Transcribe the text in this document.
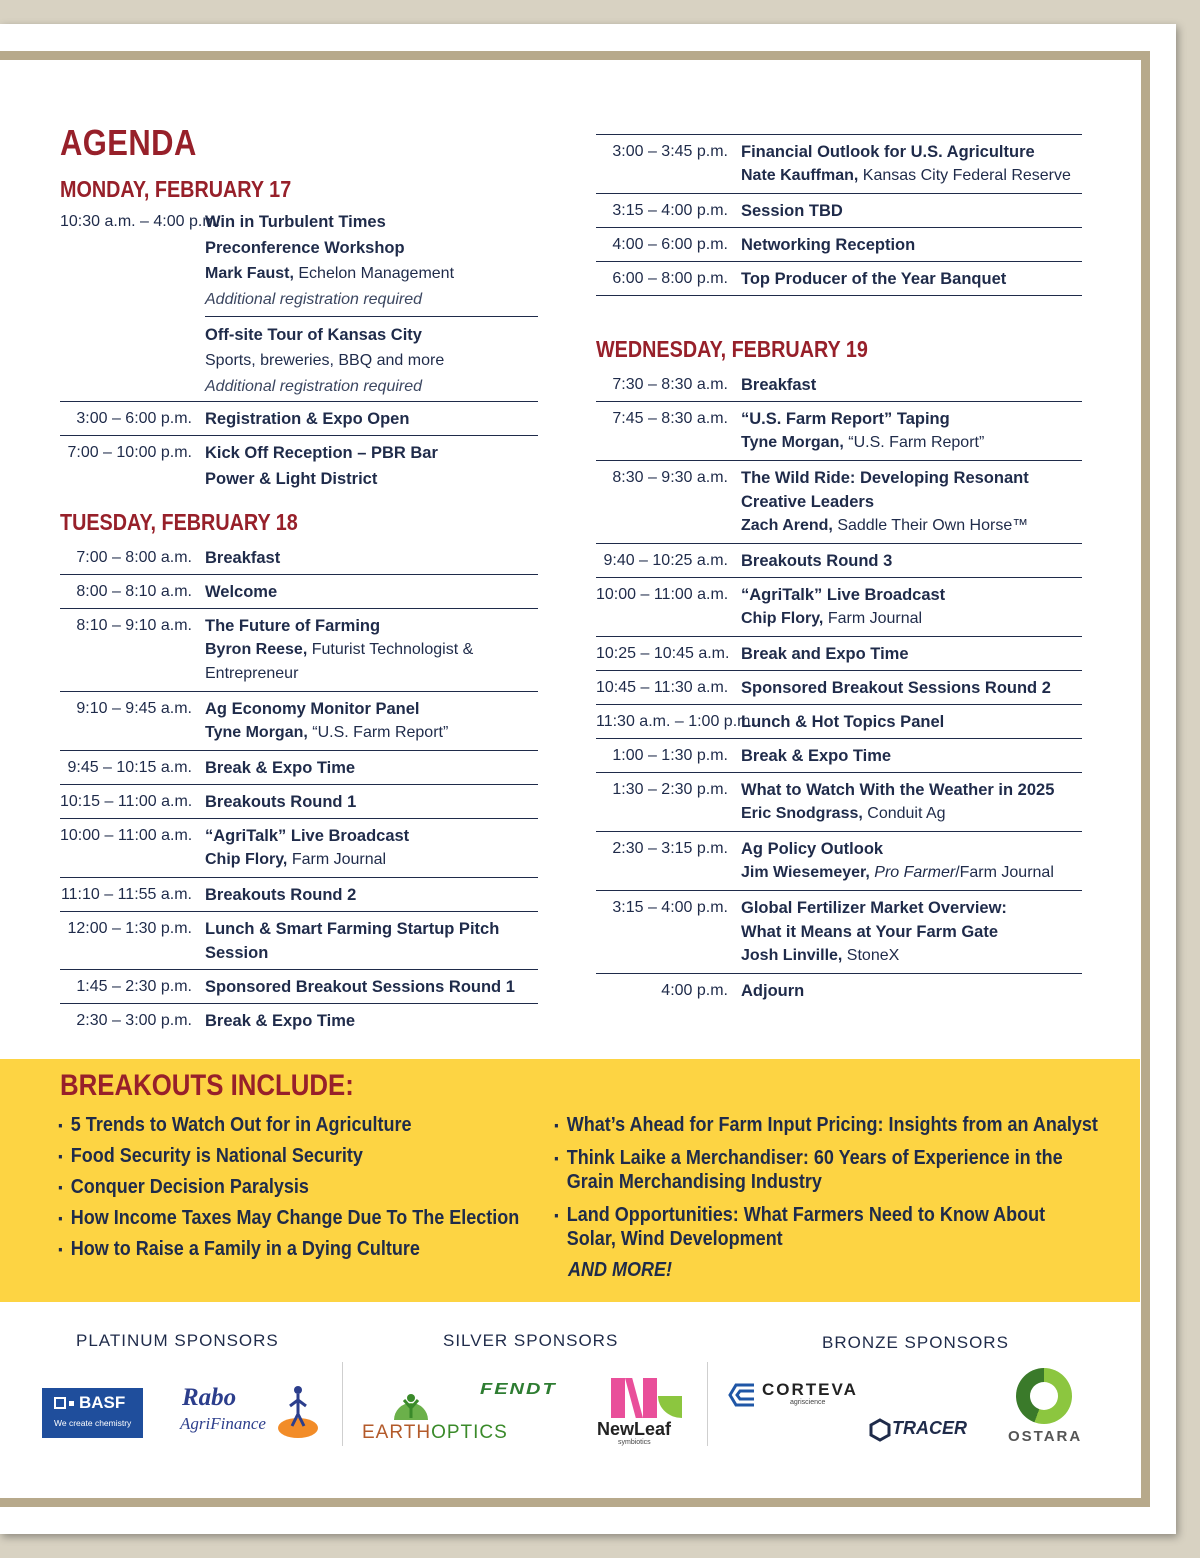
AGENDA
MONDAY, FEBRUARY 17
10:30 a.m. – 4:00 p.m.
Win in Turbulent Times
Preconference Workshop
Mark Faust, Echelon Management
Additional registration required
Off-site Tour of Kansas City
Sports, breweries, BBQ and more
Additional registration required
3:00 – 6:00 p.m. Registration & Expo Open
7:00 – 10:00 p.m. Kick Off Reception – PBR Bar
Power & Light District
TUESDAY, FEBRUARY 18
7:00 – 8:00 a.m. Breakfast
8:00 – 8:10 a.m. Welcome
8:10 – 9:10 a.m. The Future of Farming
Byron Reese, Futurist Technologist & Entrepreneur
9:10 – 9:45 a.m. Ag Economy Monitor Panel
Tyne Morgan, “U.S. Farm Report”
9:45 – 10:15 a.m. Break & Expo Time
10:15 – 11:00 a.m. Breakouts Round 1
10:00 – 11:00 a.m. “AgriTalk” Live Broadcast
Chip Flory, Farm Journal
11:10 – 11:55 a.m. Breakouts Round 2
12:00 – 1:30 p.m. Lunch & Smart Farming Startup Pitch Session
1:45 – 2:30 p.m. Sponsored Breakout Sessions Round 1
2:30 – 3:00 p.m. Break & Expo Time
3:00 – 3:45 p.m. Financial Outlook for U.S. Agriculture
Nate Kauffman, Kansas City Federal Reserve
3:15 – 4:00 p.m. Session TBD
4:00 – 6:00 p.m. Networking Reception
6:00 – 8:00 p.m. Top Producer of the Year Banquet
WEDNESDAY, FEBRUARY 19
7:30 – 8:30 a.m. Breakfast
7:45 – 8:30 a.m. “U.S. Farm Report” Taping
Tyne Morgan, “U.S. Farm Report”
8:30 – 9:30 a.m. The Wild Ride: Developing Resonant
Creative Leaders
Zach Arend, Saddle Their Own Horse™
9:40 – 10:25 a.m. Breakouts Round 3
10:00 – 11:00 a.m. “AgriTalk” Live Broadcast
Chip Flory, Farm Journal
10:25 – 10:45 a.m. Break and Expo Time
10:45 – 11:30 a.m. Sponsored Breakout Sessions Round 2
11:30 a.m. – 1:00 p.m.
Lunch & Hot Topics Panel
1:00 – 1:30 p.m. Break & Expo Time
1:30 – 2:30 p.m. What to Watch With the Weather in 2025
Eric Snodgrass, Conduit Ag
2:30 – 3:15 p.m. Ag Policy Outlook
Jim Wiesemeyer, Pro Farmer/Farm Journal
3:15 – 4:00 p.m. Global Fertilizer Market Overview:
What it Means at Your Farm Gate
Josh Linville, StoneX
4:00 p.m. Adjourn
BREAKOUTS INCLUDE:
▪ 5 Trends to Watch Out for in Agriculture
▪ Food Security is National Security
▪ Conquer Decision Paralysis
▪ How Income Taxes May Change Due To The Election
▪ How to Raise a Family in a Dying Culture
▪ What’s Ahead for Farm Input Pricing: Insights from an Analyst
▪ Think Laike a Merchandiser: 60 Years of Experience in the
Grain Merchandising Industry
▪ Land Opportunities: What Farmers Need to Know About
Solar, Wind Development
AND MORE!
PLATINUM SPONSORS	SILVER SPONSORS	BRONZE SPONSORS
BASF
We create chemistry
Rabo
AgriFinance	EARTHOPTICS
FENDT
NewLeaf
symbiotics
CORTEVA
agriscience
TRACER	OSTARA
